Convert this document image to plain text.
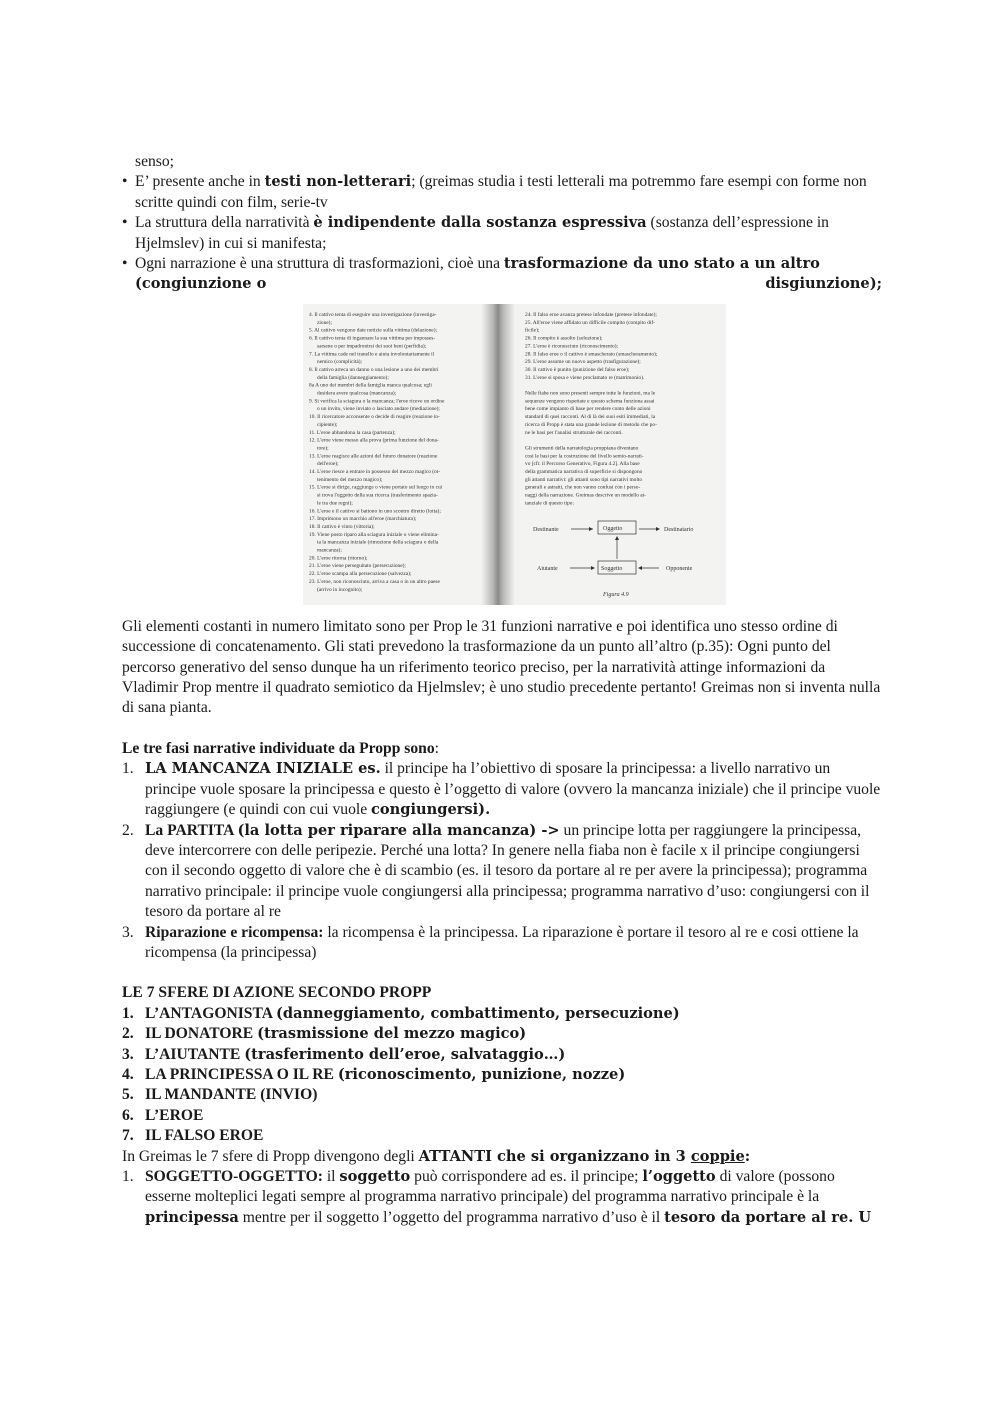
senso;
• E’ presente anche in testi non-letterari; (greimas studia i testi letterali ma potremmo fare esempi con forme non scritte quindi con film, serie-tv
• La struttura della narratività è indipendente dalla sostanza espressiva (sostanza dell’espressione in Hjelmslev) in cui si manifesta;
• Ogni narrazione è una struttura di trasformazioni, cioè una trasformazione da uno stato a un altro
(congiunzione o	disgiunzione);
Gli elementi costanti in numero limitato sono per Prop le 31 funzioni narrative e poi identifica uno stesso ordine di successione di concatenamento. Gli stati prevedono la trasformazione da un punto all’altro (p.35): Ogni punto del percorso generativo del senso dunque ha un riferimento teorico preciso, per la narratività attinge informazioni da Vladimir Prop mentre il quadrato semiotico da Hjelmslev; è uno studio precedente pertanto! Greimas non si inventa nulla di sana pianta.
Le tre fasi narrative individuate da Propp sono:
1. LA MANCANZA INIZIALE es. il principe ha l’obiettivo di sposare la principessa: a livello narrativo un principe vuole sposare la principessa e questo è l’oggetto di valore (ovvero la mancanza iniziale) che il principe vuole raggiungere (e quindi con cui vuole congiungersi).
2. La PARTITA (la lotta per riparare alla mancanza) -> un principe lotta per raggiungere la principessa, deve intercorrere con delle peripezie. Perché una lotta? In genere nella fiaba non è facile x il principe congiungersi con il secondo oggetto di valore che è di scambio (es. il tesoro da portare al re per avere la principessa); programma narrativo principale: il principe vuole congiungersi alla principessa; programma narrativo d’uso: congiungersi con il tesoro da portare al re
3. Riparazione e ricompensa: la ricompensa è la principessa. La riparazione è portare il tesoro al re e cosi ottiene la ricompensa (la principessa)
LE 7 SFERE DI AZIONE SECONDO PROPP
1. L’ANTAGONISTA (danneggiamento, combattimento, persecuzione)
2. IL DONATORE (trasmissione del mezzo magico)
3. L’AIUTANTE (trasferimento dell’eroe, salvataggio…)
4. LA PRINCIPESSA O IL RE (riconoscimento, punizione, nozze)
5. IL MANDANTE (INVIO)
6. L’EROE
7. IL FALSO EROE
In Greimas le 7 sfere di Propp divengono degli ATTANTI che si organizzano in 3 coppie:
1. SOGGETTO-OGGETTO: il soggetto può corrispondere ad es. il principe; l’oggetto di valore (possono esserne molteplici legati sempre al programma narrativo principale) del programma narrativo principale è la principessa mentre per il soggetto l’oggetto del programma narrativo d’uso è il tesoro da portare al re. U
4. Il cattivo tenta di eseguire una investigazione (investiga-
zione);
5. Al cattivo vengono date notizie sulla vittima (delazione);
6. Il cattivo tenta di ingannare la sua vittima per imposses-
sarsene o per impadronirsi dei suoi beni (perfidia);
7. La vittima cade nel tranello e aiuta involontariamente il
nemico (complicità);
8. Il cattivo arreca un danno o una lesione a uno dei membri
della famiglia (danneggiamento);
8a A uno dei membri della famiglia manca qualcosa; egli
desidera avere qualcosa (mancanza);
9. Si verifica la sciagura o la mancanza; l'eroe riceve un ordine
o un invito, viene inviato o lasciato andare (mediazione);
10. Il ricercatore acconsente o decide di reagire (reazione in-
cipiente);
11. L'eroe abbandona la casa (partenza);
12. L'eroe viene messo alla prova (prima funzione del dona-
tore);
13. L'eroe reagisce alle azioni del futuro donatore (reazione
dell'eroe);
14. L'eroe riesce a entrare in possesso del mezzo magico (ot-
tenimento del mezzo magico);
15. L'eroe si dirige, raggiunge o viene portato sul luogo in cui
si trova l'oggetto della sua ricerca (trasferimento spazia-
le tra due regni);
16. L'eroe e il cattivo si battono in uno scontro diretto (lotta);
17. Imprimono un marchio all'eroe (marchiatura);
18. Il cattivo è vinto (vittoria);
19. Viene posto riparo alla sciagura iniziale o viene elimina-
ta la mancanza iniziale (rimozione della sciagura o della
mancanza);
20. L'eroe ritorna (ritorno);
21. L'eroe viene perseguitato (persecuzione);
22. L'eroe scampa alla persecuzione (salvezza);
23. L'eroe, non riconosciuto, arriva a casa o in un altro paese
(arrivo in incognito);
24. Il falso eroe avanza pretese infondate (pretese infondate);
25. All'eroe viene affidato un difficile compito (compito dif-
ficile);
26. Il compito è assolto (soluzione);
27. L'eroe è riconosciuto (riconoscimento);
28. Il falso eroe o il cattivo è smascherato (smascheramento);
29. L'eroe assume un nuovo aspetto (trasfigurazione);
30. Il cattivo è punito (punizione del falso eroe);
31. L'eroe si sposa e viene proclamato re (matrimonio).
Nelle fiabe non sono presenti sempre tutte le funzioni, ma le
sequenze vengono rispettate e questo schema funziona assai
bene come impianto di base per rendere conto delle azioni
standard di quei racconti. Al di là dei suoi esiti immediati, la
ricerca di Propp è stata una grande lezione di metodo che po-
ne le basi per l'analisi strutturale dei racconti.
Gli strumenti della narratologia proppiana diventano
così le basi per la costruzione del livello semio-narrati-
vo [cfr. il Percorso Generativo, Figura 4.2]. Alla base
della grammatica narrativa di superficie si dispongono
gli attanti narrativi: gli attanti sono tipi narrativi molto
generali e astratti, che non vanno confusi con i perso-
naggi della narrazione. Greimas descrive un modello at-
tanziale di questo tipo:
Destinante	Oggetto	Destinatario
Aiutante	Soggetto	Opponente
Figura 4.9
